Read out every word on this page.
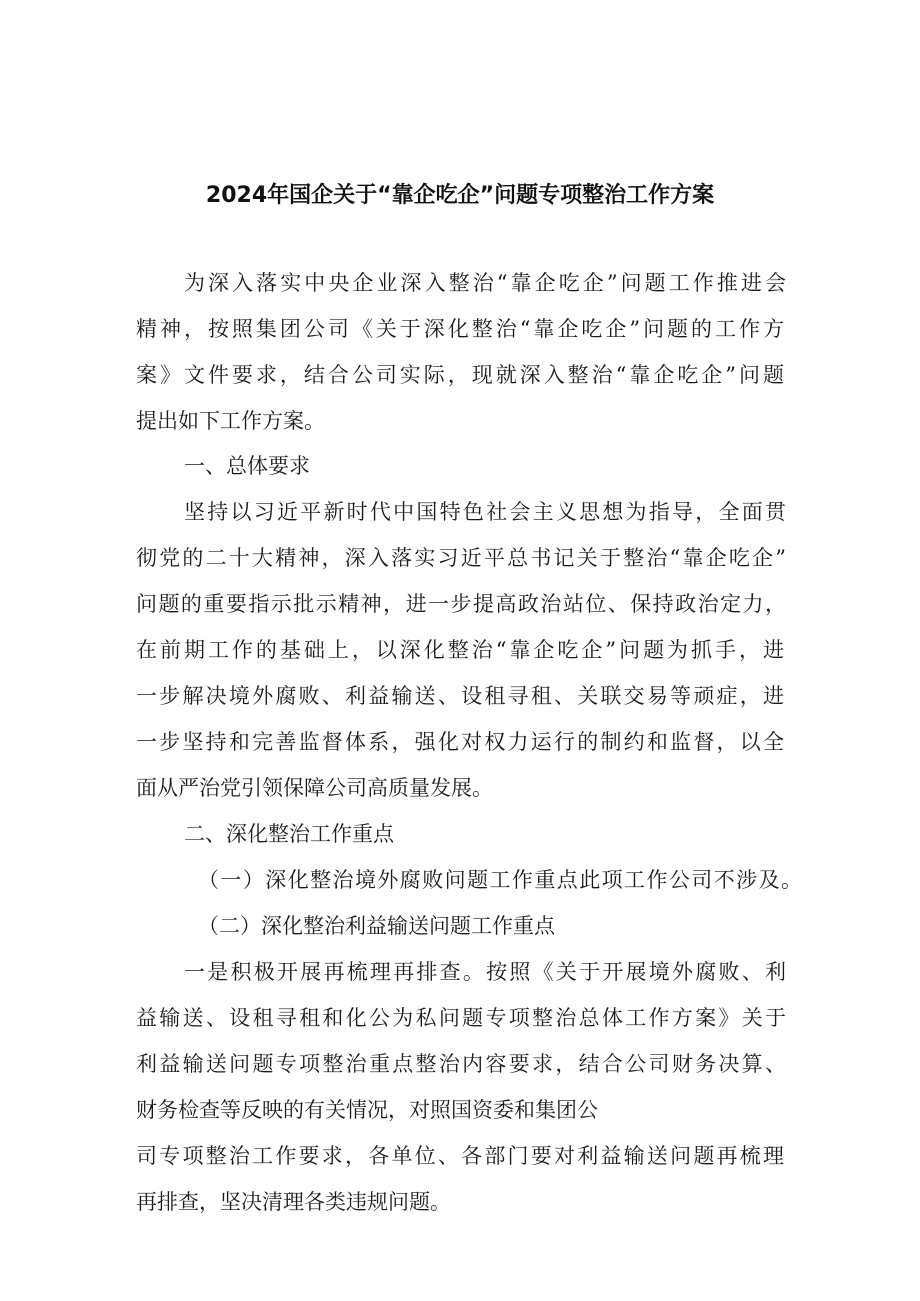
2024年国企关于“靠企吃企”问题专项整治工作方案
为深入落实中央企业深入整治“靠企吃企”问题工作推进会
精神，按照集团公司《关于深化整治“靠企吃企”问题的工作方
案》文件要求，结合公司实际，现就深入整治“靠企吃企”问题
提出如下工作方案。
一、总体要求
坚持以习近平新时代中国特色社会主义思想为指导，全面贯
彻党的二十大精神，深入落实习近平总书记关于整治“靠企吃企”
问题的重要指示批示精神，进一步提高政治站位、保持政治定力，
在前期工作的基础上，以深化整治“靠企吃企”问题为抓手，进
一步解决境外腐败、利益输送、设租寻租、关联交易等顽症，进
一步坚持和完善监督体系，强化对权力运行的制约和监督，以全
面从严治党引领保障公司高质量发展。
二、深化整治工作重点
（一）深化整治境外腐败问题工作重点此项工作公司不涉及。
（二）深化整治利益输送问题工作重点
一是积极开展再梳理再排查。按照《关于开展境外腐败、利
益输送、设租寻租和化公为私问题专项整治总体工作方案》关于
利益输送问题专项整治重点整治内容要求，结合公司财务决算、
财务检查等反映的有关情况，对照国资委和集团公
司专项整治工作要求，各单位、各部门要对利益输送问题再梳理
再排查，坚决清理各类违规问题。
